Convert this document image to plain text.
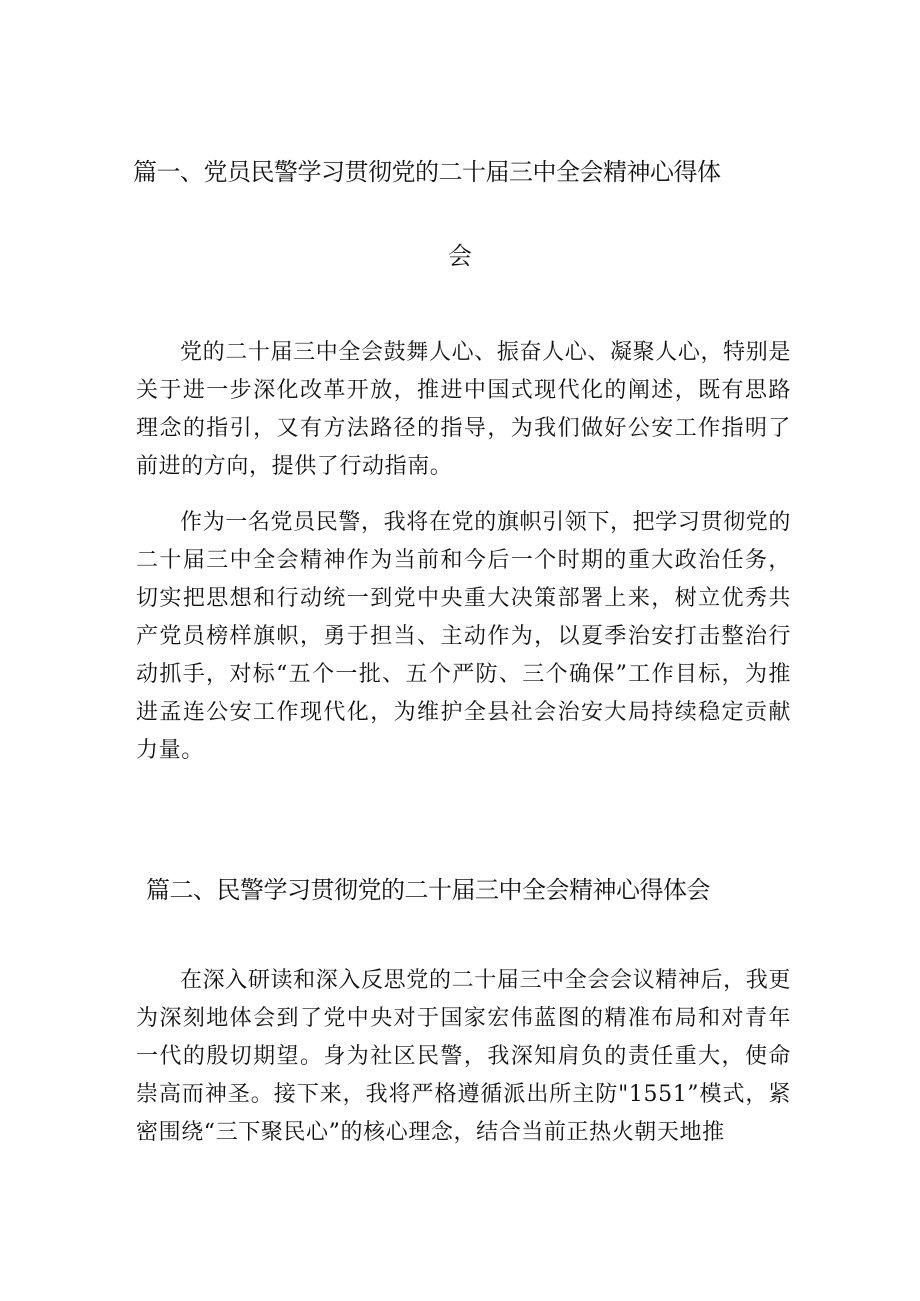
篇一、党员民警学习贯彻党的二十届三中全会精神心得体
会

党的二十届三中全会鼓舞人心、振奋人心、凝聚人心，特别是关于进一步深化改革开放，推进中国式现代化的阐述，既有思路理念的指引，又有方法路径的指导，为我们做好公安工作指明了前进的方向，提供了行动指南。

作为一名党员民警，我将在党的旗帜引领下，把学习贯彻党的二十届三中全会精神作为当前和今后一个时期的重大政治任务，切实把思想和行动统一到党中央重大决策部署上来，树立优秀共产党员榜样旗帜，勇于担当、主动作为，以夏季治安打击整治行动抓手，对标“五个一批、五个严防、三个确保”工作目标，为推进孟连公安工作现代化，为维护全县社会治安大局持续稳定贡献力量。

篇二、民警学习贯彻党的二十届三中全会精神心得体会

在深入研读和深入反思党的二十届三中全会会议精神后，我更为深刻地体会到了党中央对于国家宏伟蓝图的精准布局和对青年一代的殷切期望。身为社区民警，我深知肩负的责任重大，使命崇高而神圣。接下来，我将严格遵循派出所主防"1551”模式，紧密围绕“三下聚民心”的核心理念，结合当前正热火朝天地推
